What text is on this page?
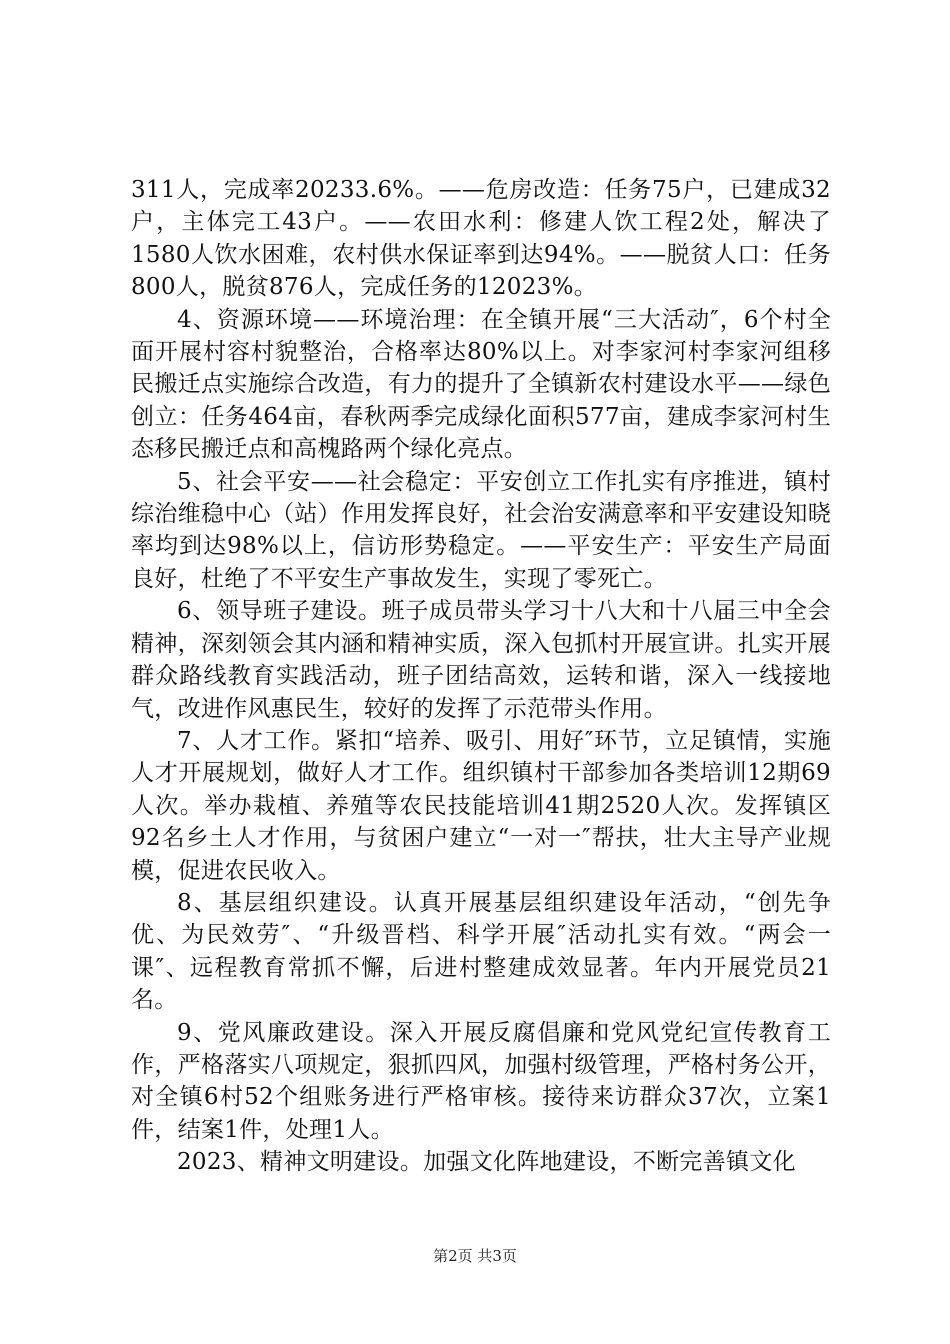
311人，完成率20233.6%。——危房改造：任务75户，已建成32户，主体完工43户。——农田水利：修建人饮工程2处，解决了1580人饮水困难，农村供水保证率到达94%。——脱贫人口：任务800人，脱贫876人，完成任务的12023%。

4、资源环境——环境治理：在全镇开展“三大活动″，6个村全面开展村容村貌整治，合格率达80%以上。对李家河村李家河组移民搬迁点实施综合改造，有力的提升了全镇新农村建设水平——绿色创立：任务464亩，春秋两季完成绿化面积577亩，建成李家河村生态移民搬迁点和高槐路两个绿化亮点。

5、社会平安——社会稳定：平安创立工作扎实有序推进，镇村综治维稳中心（站）作用发挥良好，社会治安满意率和平安建设知晓率均到达98%以上，信访形势稳定。——平安生产：平安生产局面良好，杜绝了不平安生产事故发生，实现了零死亡。

6、领导班子建设。班子成员带头学习十八大和十八届三中全会精神，深刻领会其内涵和精神实质，深入包抓村开展宣讲。扎实开展群众路线教育实践活动，班子团结高效，运转和谐，深入一线接地气，改进作风惠民生，较好的发挥了示范带头作用。

7、人才工作。紧扣“培养、吸引、用好″环节，立足镇情，实施人才开展规划，做好人才工作。组织镇村干部参加各类培训12期69人次。举办栽植、养殖等农民技能培训41期2520人次。发挥镇区92名乡土人才作用，与贫困户建立“一对一″帮扶，壮大主导产业规模，促进农民收入。

8、基层组织建设。认真开展基层组织建设年活动，“创先争优、为民效劳″、“升级晋档、科学开展″活动扎实有效。“两会一课″、远程教育常抓不懈，后进村整建成效显著。年内开展党员21名。

9、党风廉政建设。深入开展反腐倡廉和党风党纪宣传教育工作，严格落实八项规定，狠抓四风，加强村级管理，严格村务公开，对全镇6村52个组账务进行严格审核。接待来访群众37次，立案1件，结案1件，处理1人。

2023、精神文明建设。加强文化阵地建设，不断完善镇文化

第2页 共3页
